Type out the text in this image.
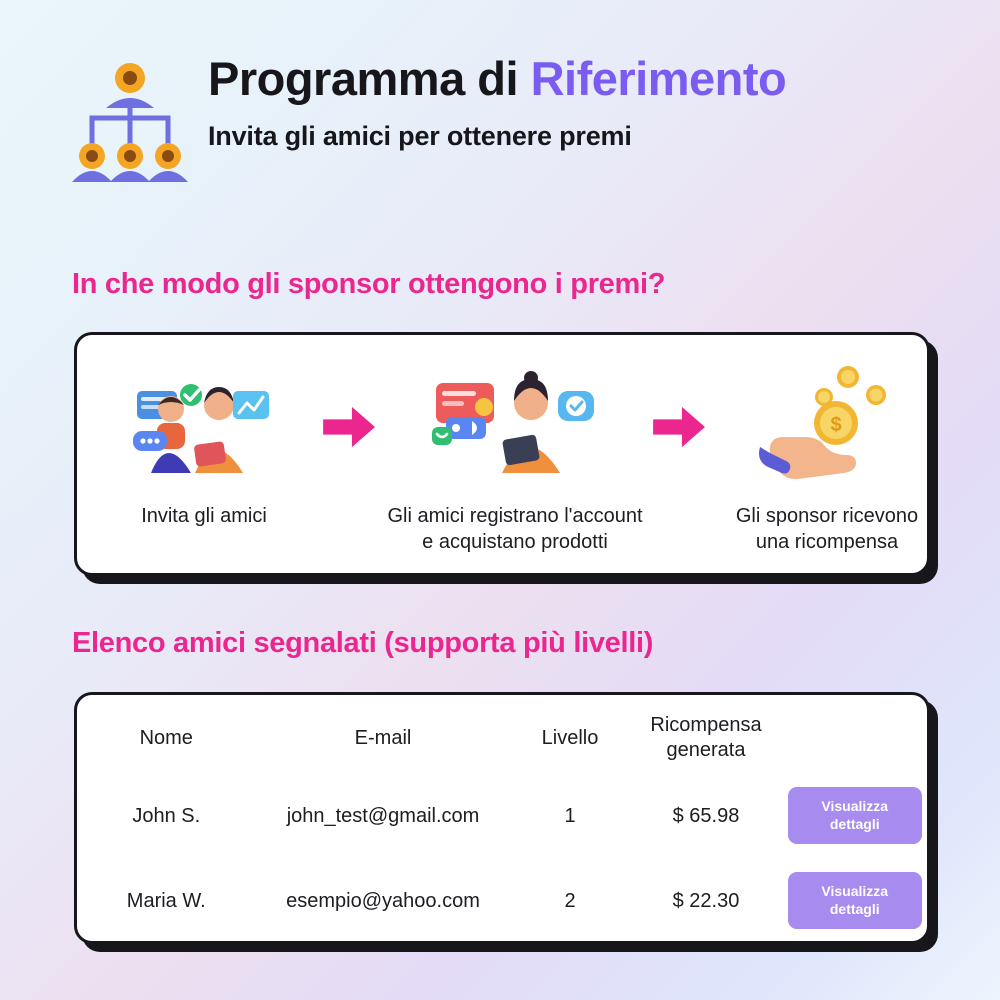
Programma di Riferimento
Invita gli amici per ottenere premi
In che modo gli sponsor ottengono i premi?
Invita gli amici	Gli amici registrano l'account e acquistano prodotti
$
Gli sponsor ricevono una ricompensa
Elenco amici segnalati (supporta più livelli)
Nome	E-mail	Livello	Ricompensa generata	
John S.	john_test@gmail.com	1	$ 65.98	Visualizza dettagli
Maria W.	esempio@yahoo.com	2	$ 22.30	Visualizza dettagli
